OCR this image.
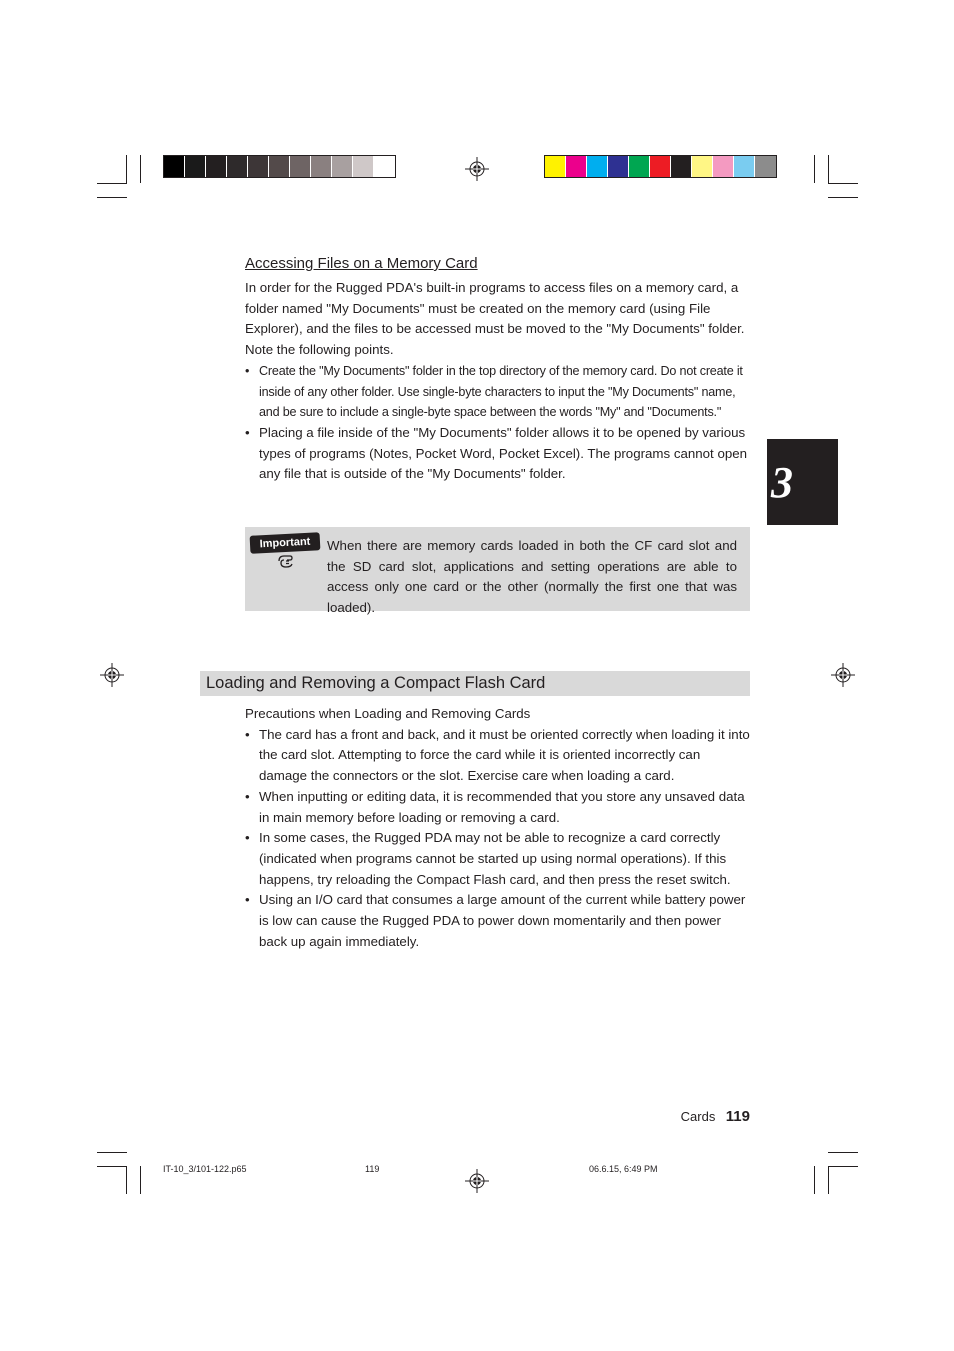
Accessing Files on a Memory Card
In order for the Rugged PDA's built-in programs to access files on a memory card, a folder named "My Documents" must be created on the memory card (using File Explorer), and the files to be accessed must be moved to the "My Documents" folder. Note the following points.
• Create the "My Documents" folder in the top directory of the memory card. Do not create it inside of any other folder. Use single-byte characters to input the "My Documents" name, and be sure to include a single-byte space between the words "My" and "Documents."
• Placing a file inside of the "My Documents" folder allows it to be opened by various types of programs (Notes, Pocket Word, Pocket Excel). The programs cannot open any file that is outside of the "My Documents" folder.	3
Important	When there are memory cards loaded in both the CF card slot and the SD card slot, applications and setting operations are able to access only one card or the other (normally the first one that was loaded).
Loading and Removing a Compact Flash Card
Precautions when Loading and Removing Cards
• The card has a front and back, and it must be oriented correctly when loading it into the card slot. Attempting to force the card while it is oriented incorrectly can damage the connectors or the slot. Exercise care when loading a card.
• When inputting or editing data, it is recommended that you store any unsaved data in main memory before loading or removing a card.
• In some cases, the Rugged PDA may not be able to recognize a card correctly (indicated when programs cannot be started up using normal operations). If this happens, try reloading the Compact Flash card, and then press the reset switch.
• Using an I/O card that consumes a large amount of the current while battery power is low can cause the Rugged PDA to power down momentarily and then power back up again immediately.
Cards 119
IT-10_3/101-122.p65	119	06.6.15, 6:49 PM
